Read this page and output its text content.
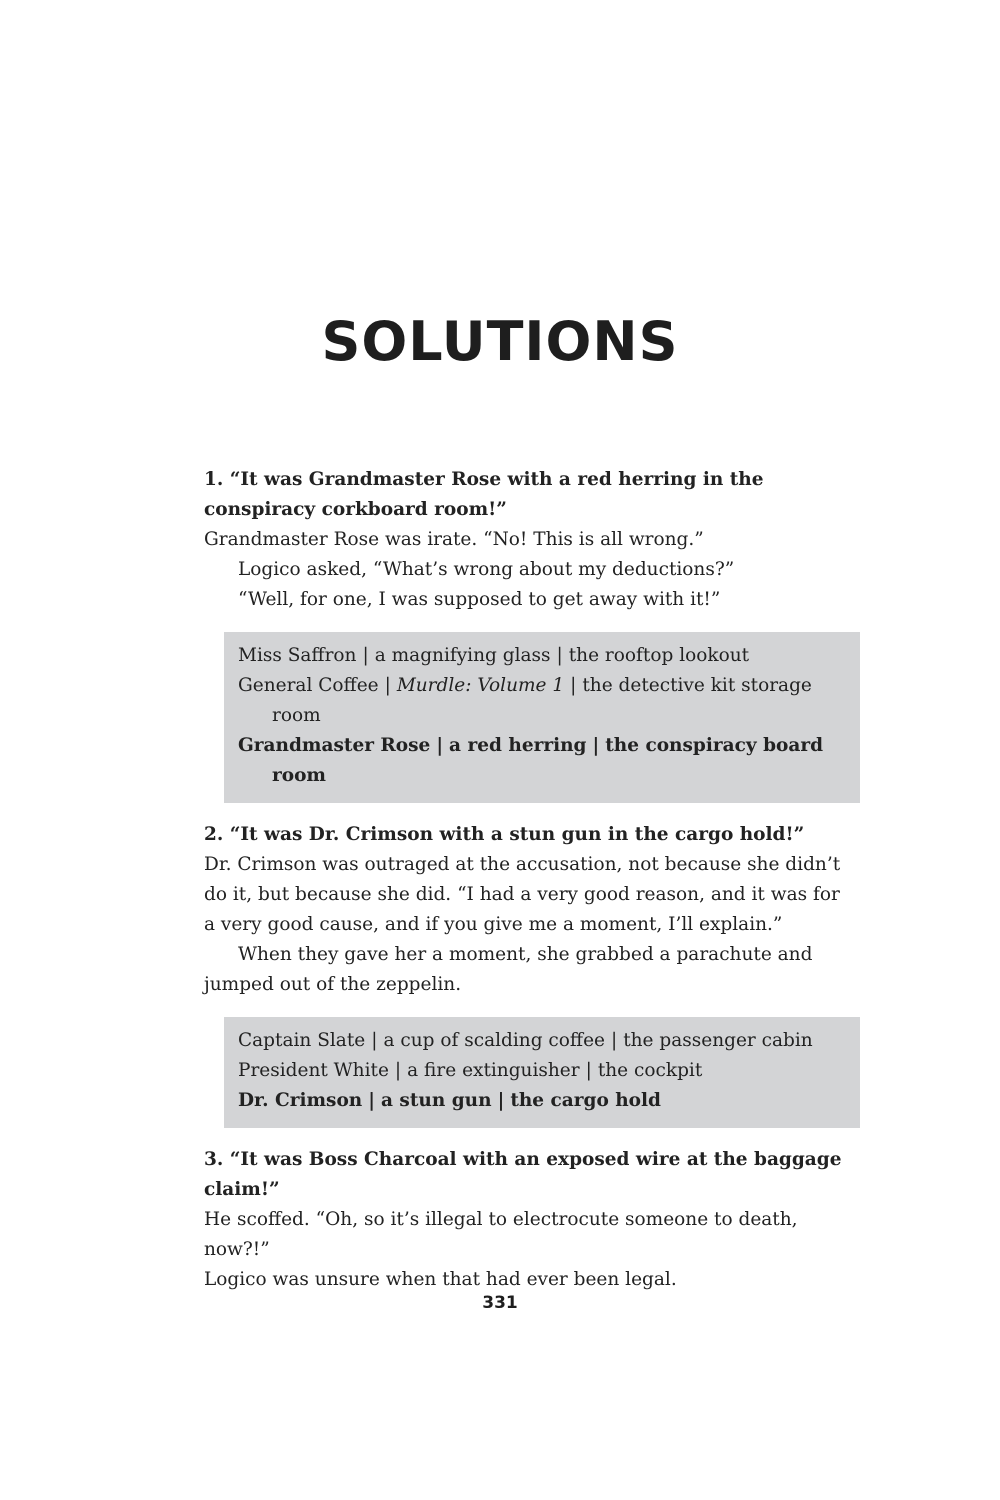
SOLUTIONS

1. “It was Grandmaster Rose with a red herring in the conspiracy corkboard room!”

Grandmaster Rose was irate. “No! This is all wrong.”

Logico asked, “What’s wrong about my deductions?”

“Well, for one, I was supposed to get away with it!”

Miss Saffron | a magnifying glass | the rooftop lookout

General Coffee | Murdle: Volume 1 | the detective kit storage room

Grandmaster Rose | a red herring | the conspiracy board room

2. “It was Dr. Crimson with a stun gun in the cargo hold!”

Dr. Crimson was outraged at the accusation, not because she didn’t do it, but because she did. “I had a very good reason, and it was for a very good cause, and if you give me a moment, I’ll explain.”

When they gave her a moment, she grabbed a parachute and jumped out of the zeppelin.

Captain Slate | a cup of scalding coffee | the passenger cabin

President White | a fire extinguisher | the cockpit

Dr. Crimson | a stun gun | the cargo hold

3. “It was Boss Charcoal with an exposed wire at the baggage claim!”

He scoffed. “Oh, so it’s illegal to electrocute someone to death, now?!”

Logico was unsure when that had ever been legal.

331
